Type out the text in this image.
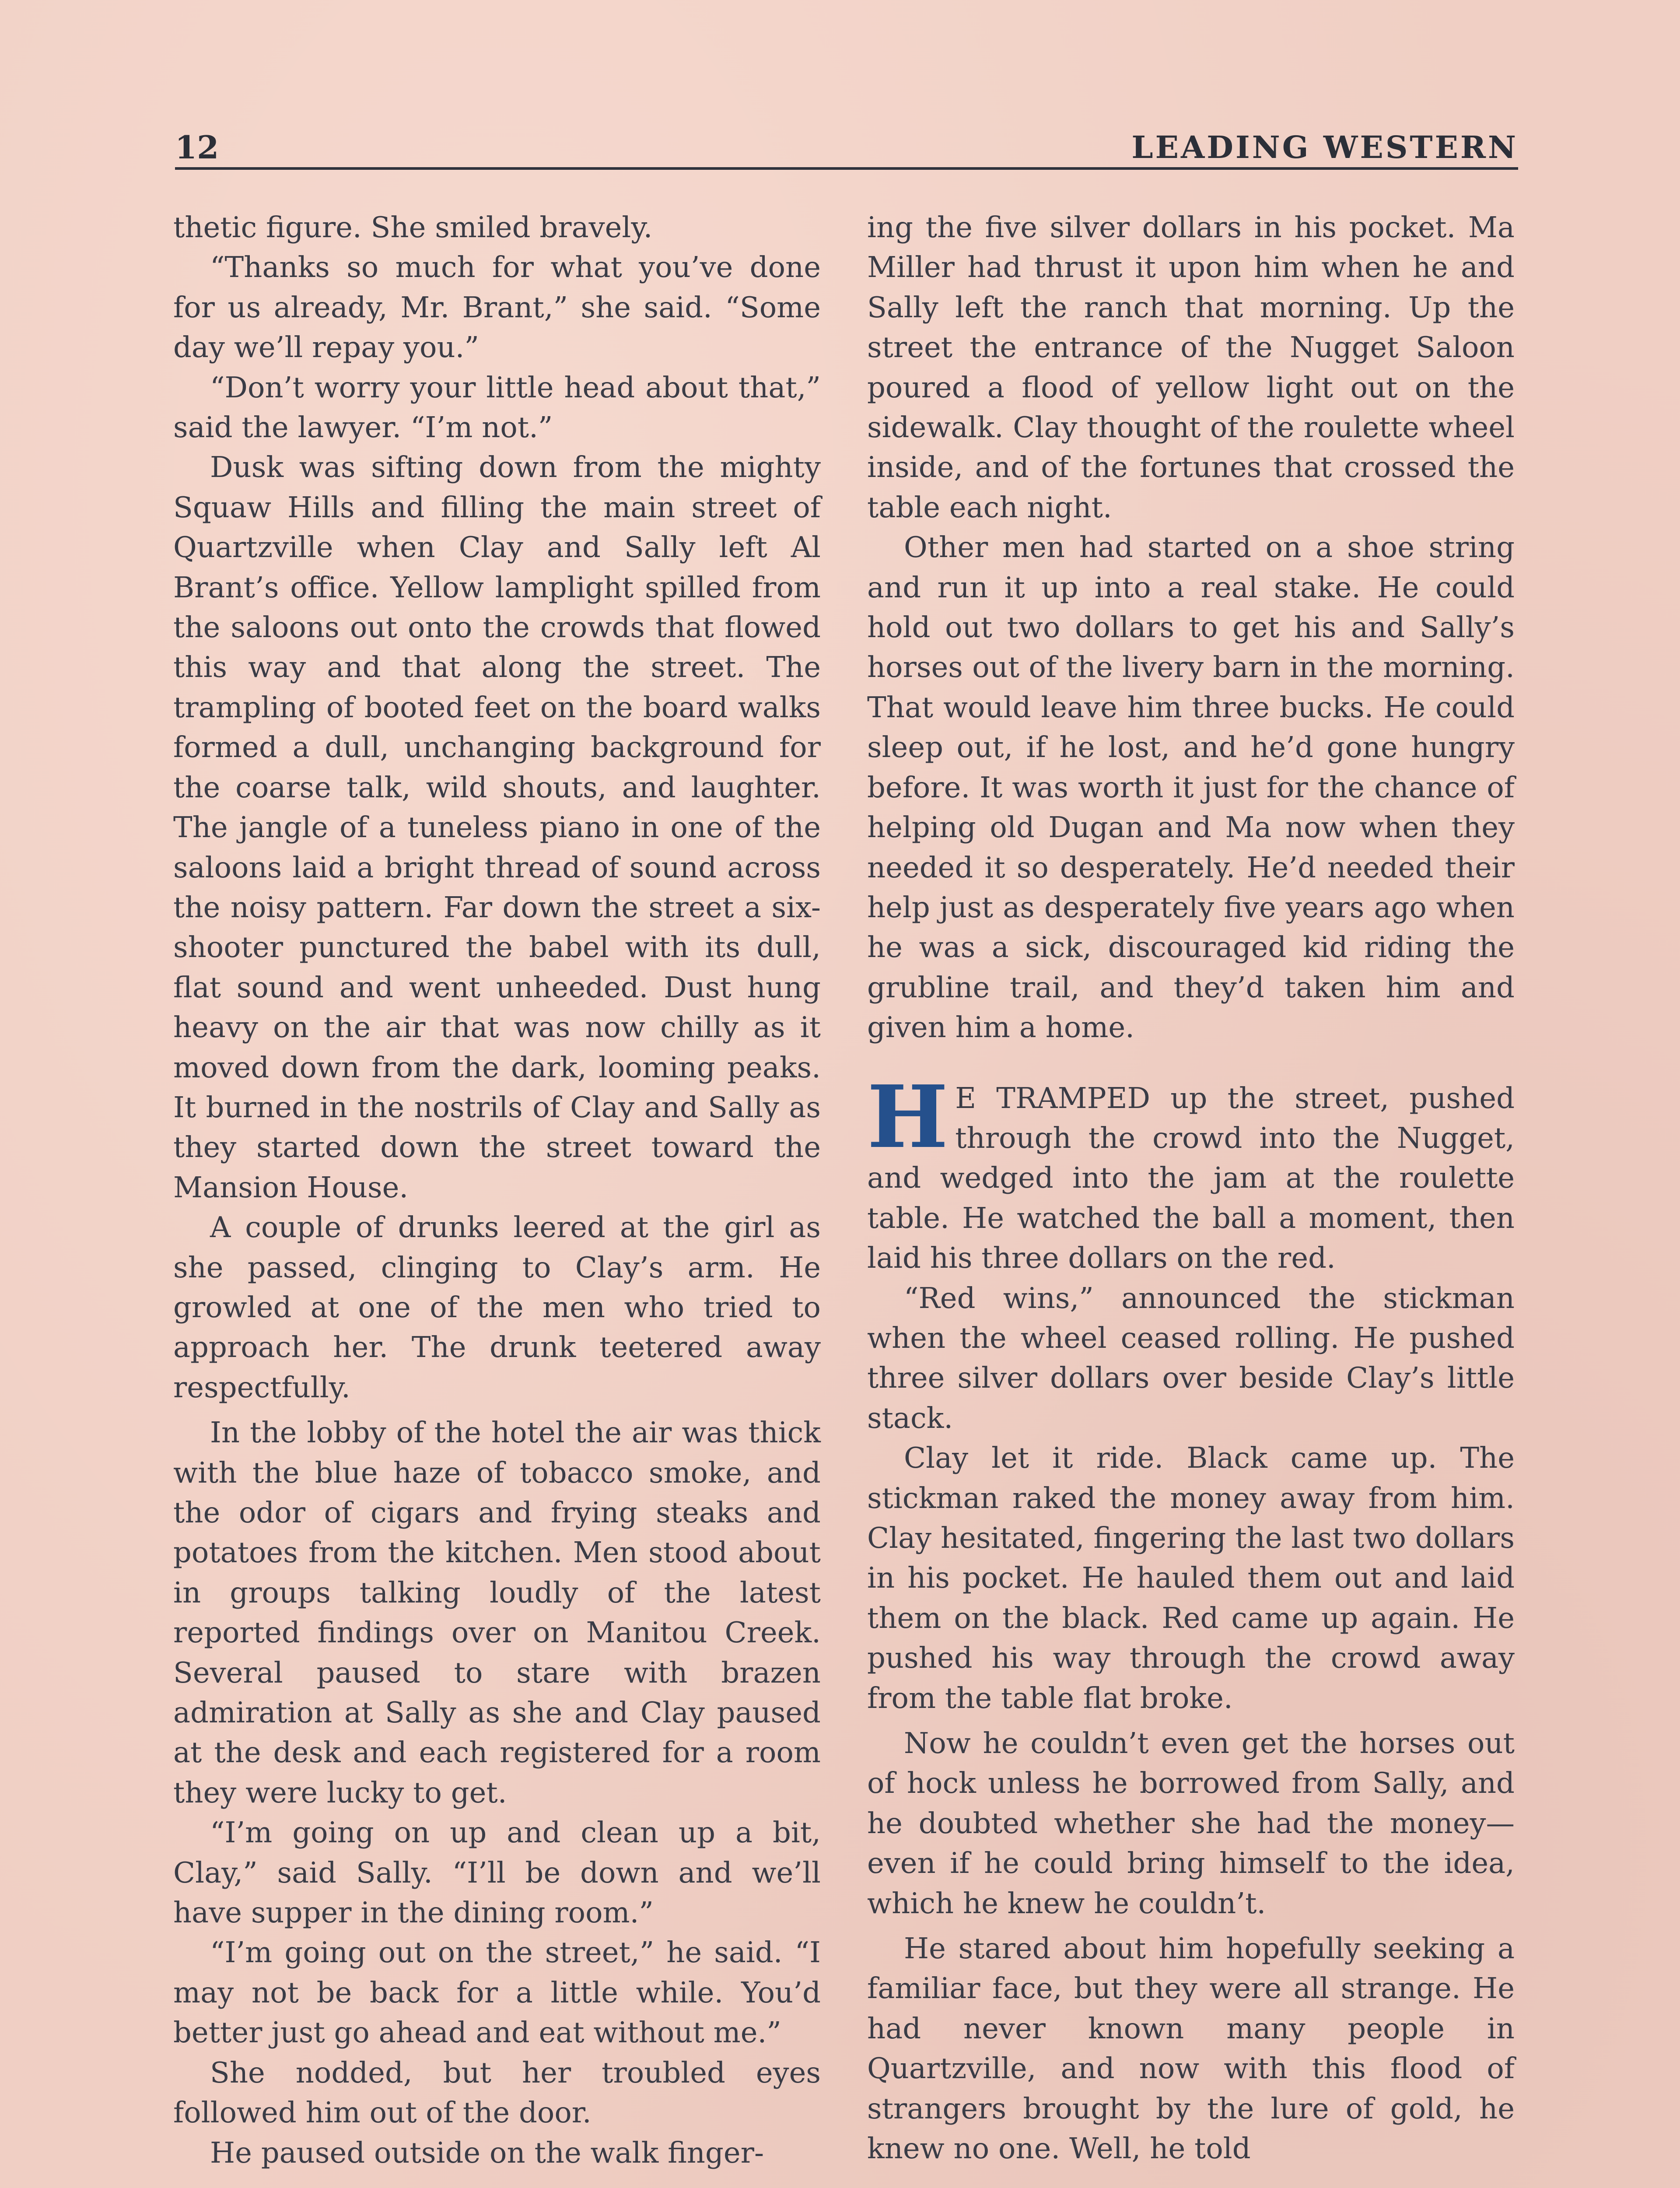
12	LEADING WESTERN

thetic figure. She smiled bravely.

“Thanks so much for what you’ve done for us already, Mr. Brant,” she said. “Some day we’ll repay you.”

“Don’t worry your little head about that,” said the lawyer. “I’m not.”

Dusk was sifting down from the mighty Squaw Hills and filling the main street of Quartzville when Clay and Sally left Al Brant’s office. Yellow lamplight spilled from the saloons out onto the crowds that flowed this way and that along the street. The trampling of booted feet on the board walks formed a dull, unchanging background for the coarse talk, wild shouts, and laughter. The jangle of a tuneless piano in one of the saloons laid a bright thread of sound across the noisy pattern. Far down the street a six-shooter punctured the babel with its dull, flat sound and went unheeded. Dust hung heavy on the air that was now chilly as it moved down from the dark, looming peaks. It burned in the nostrils of Clay and Sally as they started down the street toward the Mansion House.

A couple of drunks leered at the girl as she passed, clinging to Clay’s arm. He growled at one of the men who tried to approach her. The drunk teetered away respectfully.

In the lobby of the hotel the air was thick with the blue haze of tobacco smoke, and the odor of cigars and frying steaks and potatoes from the kitchen. Men stood about in groups talking loudly of the latest reported findings over on Manitou Creek. Several paused to stare with brazen admiration at Sally as she and Clay paused at the desk and each registered for a room they were lucky to get.

“I’m going on up and clean up a bit, Clay,” said Sally. “I’ll be down and we’ll have supper in the dining room.”

“I’m going out on the street,” he said. “I may not be back for a little while. You’d better just go ahead and eat without me.”

She nodded, but her troubled eyes followed him out of the door.

He paused outside on the walk finger-

ing the five silver dollars in his pocket. Ma Miller had thrust it upon him when he and Sally left the ranch that morning. Up the street the entrance of the Nugget Saloon poured a flood of yellow light out on the sidewalk. Clay thought of the roulette wheel inside, and of the fortunes that crossed the table each night.

Other men had started on a shoe string and run it up into a real stake. He could hold out two dollars to get his and Sally’s horses out of the livery barn in the morning. That would leave him three bucks. He could sleep out, if he lost, and he’d gone hungry before. It was worth it just for the chance of helping old Dugan and Ma now when they needed it so desperately. He’d needed their help just as desperately five years ago when he was a sick, discouraged kid riding the grubline trail, and they’d taken him and given him a home.

H E TRAMPED up the street, pushed through the crowd into the Nugget, and wedged into the jam at the roulette table. He watched the ball a moment, then laid his three dollars on the red.

“Red wins,” announced the stickman when the wheel ceased rolling. He pushed three silver dollars over beside Clay’s little stack.

Clay let it ride. Black came up. The stickman raked the money away from him. Clay hesitated, fingering the last two dollars in his pocket. He hauled them out and laid them on the black. Red came up again. He pushed his way through the crowd away from the table flat broke.

Now he couldn’t even get the horses out of hock unless he borrowed from Sally, and he doubted whether she had the money—even if he could bring himself to the idea, which he knew he couldn’t.

He stared about him hopefully seeking a familiar face, but they were all strange. He had never known many people in Quartzville, and now with this flood of strangers brought by the lure of gold, he knew no one. Well, he told
